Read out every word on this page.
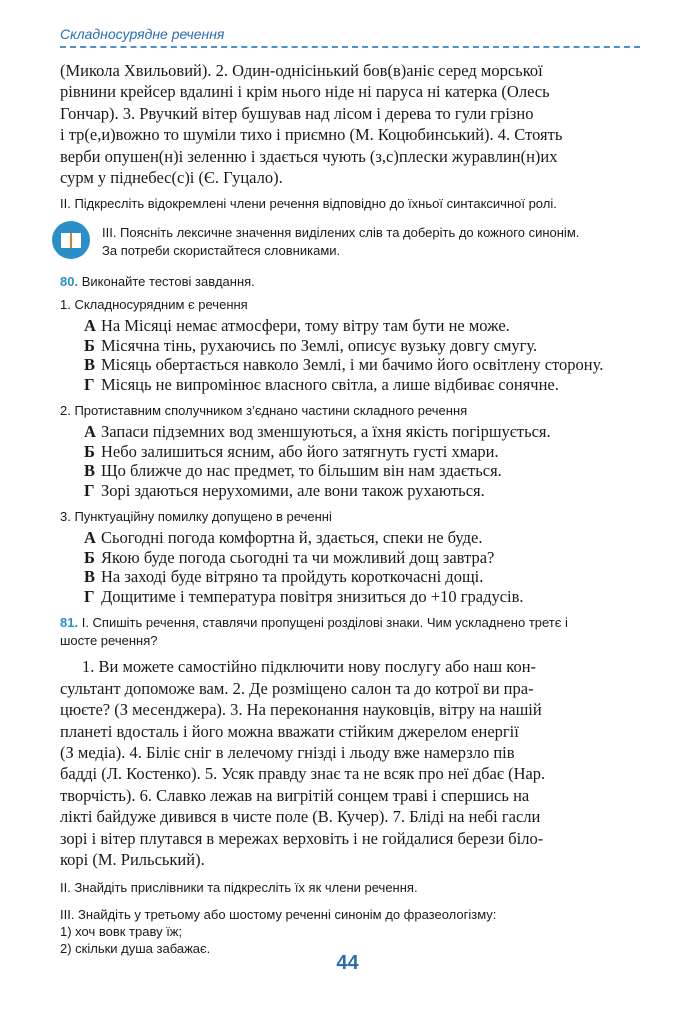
Складносурядне речення

(Микола Хвильовий). 2. Один-однісінький бов(в)аніє серед морської

рівнини крейсер вдалині і крім нього ніде ні паруса ні катерка (Олесь

Гончар). 3. Рвучкий вітер бушував над лісом і дерева то гули грізно

і тр(е,и)вожно то шуміли тихо і приємно (М. Коцюбинський). 4. Стоять

верби опушен(н)і зеленню і здається чують (з,с)плески журавлин(н)их

сурм у піднебес(с)і (Є. Гуцало).

II. Підкресліть відокремлені члени речення відповідно до їхньої синтаксичної ролі.
III. Поясніть лексичне значення виділених слів та доберіть до кожного синонім.
За потреби скористайтеся словниками.
80. Виконайте тестові завдання.
1. Складносурядним є речення
А На Місяці немає атмосфери, тому вітру там бути не може.
Б Місячна тінь, рухаючись по Землі, описує вузьку довгу смугу.
В Місяць обертається навколо Землі, і ми бачимо його освітлену сторону.
Г Місяць не випромінює власного світла, а лише відбиває сонячне.
2. Протиставним сполучником з’єднано частини складного речення
А Запаси підземних вод зменшуються, а їхня якість погіршується.
Б Небо залишиться ясним, або його затягнуть густі хмари.
В Що ближче до нас предмет, то більшим він нам здається.
Г Зорі здаються нерухомими, але вони також рухаються.
3. Пунктуаційну помилку допущено в реченні
А Сьогодні погода комфортна й, здається, спеки не буде.
Б Якою буде погода сьогодні та чи можливий дощ завтра?
В На заході буде вітряно та пройдуть короткочасні дощі.
Г Дощитиме і температура повітря знизиться до +10 градусів.
81. I. Спишіть речення, ставлячи пропущені розділові знаки. Чим ускладнено третє і
шосте речення?

1. Ви можете самостійно підключити нову послугу або наш кон-

сультант допоможе вам. 2. Де розміщено салон та до котрої ви пра-

цюєте? (З месенджера). 3. На переконання науковців, вітру на нашій

планеті вдосталь і його можна вважати стійким джерелом енергії

(З медіа). 4. Біліє сніг в лелечому гнізді і льоду вже намерзло пів

бадді (Л. Костенко). 5. Усяк правду знає та не всяк про неї дбає (Нар.

творчість). 6. Славко лежав на вигрітій сонцем траві і спершись на

лікті байдуже дивився в чисте поле (В. Кучер). 7. Бліді на небі гасли

зорі і вітер плутався в мережах верховіть і не гойдалися берези біло-

корі (М. Рильський).

II. Знайдіть прислівники та підкресліть їх як члени речення.
III. Знайдіть у третьому або шостому реченні синонім до фразеологізму:
1) хоч вовк траву їж;
2) скільки душа забажає.
44
